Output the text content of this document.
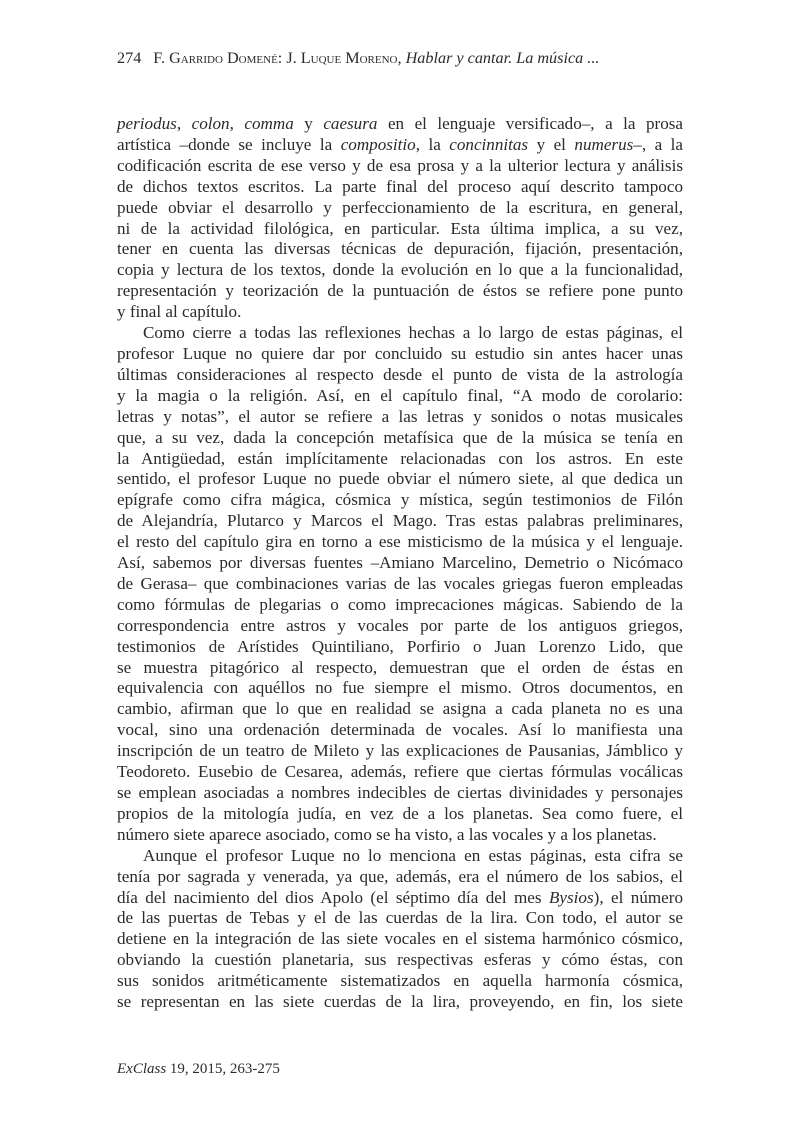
274 F. Garrido Domené: J. Luque Moreno, Hablar y cantar. La música ...

periodus, colon, comma y caesura en el lenguaje versificado–, a la prosa
artística –donde se incluye la compositio, la concinnitas y el numerus–, a la
codificación escrita de ese verso y de esa prosa y a la ulterior lectura y análisis
de dichos textos escritos. La parte final del proceso aquí descrito tampoco
puede obviar el desarrollo y perfeccionamiento de la escritura, en general,
ni de la actividad filológica, en particular. Esta última implica, a su vez,
tener en cuenta las diversas técnicas de depuración, fijación, presentación,
copia y lectura de los textos, donde la evolución en lo que a la funcionalidad,
representación y teorización de la puntuación de éstos se refiere pone punto
y final al capítulo.

Como cierre a todas las reflexiones hechas a lo largo de estas páginas, el
profesor Luque no quiere dar por concluido su estudio sin antes hacer unas
últimas consideraciones al respecto desde el punto de vista de la astrología
y la magia o la religión. Así, en el capítulo final, “A modo de corolario:
letras y notas”, el autor se refiere a las letras y sonidos o notas musicales
que, a su vez, dada la concepción metafísica que de la música se tenía en
la Antigüedad, están implícitamente relacionadas con los astros. En este
sentido, el profesor Luque no puede obviar el número siete, al que dedica un
epígrafe como cifra mágica, cósmica y mística, según testimonios de Filón
de Alejandría, Plutarco y Marcos el Mago. Tras estas palabras preliminares,
el resto del capítulo gira en torno a ese misticismo de la música y el lenguaje.
Así, sabemos por diversas fuentes –Amiano Marcelino, Demetrio o Nicómaco
de Gerasa– que combinaciones varias de las vocales griegas fueron empleadas
como fórmulas de plegarias o como imprecaciones mágicas. Sabiendo de la
correspondencia entre astros y vocales por parte de los antiguos griegos,
testimonios de Arístides Quintiliano, Porfirio o Juan Lorenzo Lido, que
se muestra pitagórico al respecto, demuestran que el orden de éstas en
equivalencia con aquéllos no fue siempre el mismo. Otros documentos, en
cambio, afirman que lo que en realidad se asigna a cada planeta no es una
vocal, sino una ordenación determinada de vocales. Así lo manifiesta una
inscripción de un teatro de Mileto y las explicaciones de Pausanias, Jámblico y
Teodoreto. Eusebio de Cesarea, además, refiere que ciertas fórmulas vocálicas
se emplean asociadas a nombres indecibles de ciertas divinidades y personajes
propios de la mitología judía, en vez de a los planetas. Sea como fuere, el
número siete aparece asociado, como se ha visto, a las vocales y a los planetas.

Aunque el profesor Luque no lo menciona en estas páginas, esta cifra se
tenía por sagrada y venerada, ya que, además, era el número de los sabios, el
día del nacimiento del dios Apolo (el séptimo día del mes Bysios), el número
de las puertas de Tebas y el de las cuerdas de la lira. Con todo, el autor se
detiene en la integración de las siete vocales en el sistema harmónico cósmico,
obviando la cuestión planetaria, sus respectivas esferas y cómo éstas, con
sus sonidos aritméticamente sistematizados en aquella harmonía cósmica,
se representan en las siete cuerdas de la lira, proveyendo, en fin, los siete

ExClass 19, 2015, 263-275
